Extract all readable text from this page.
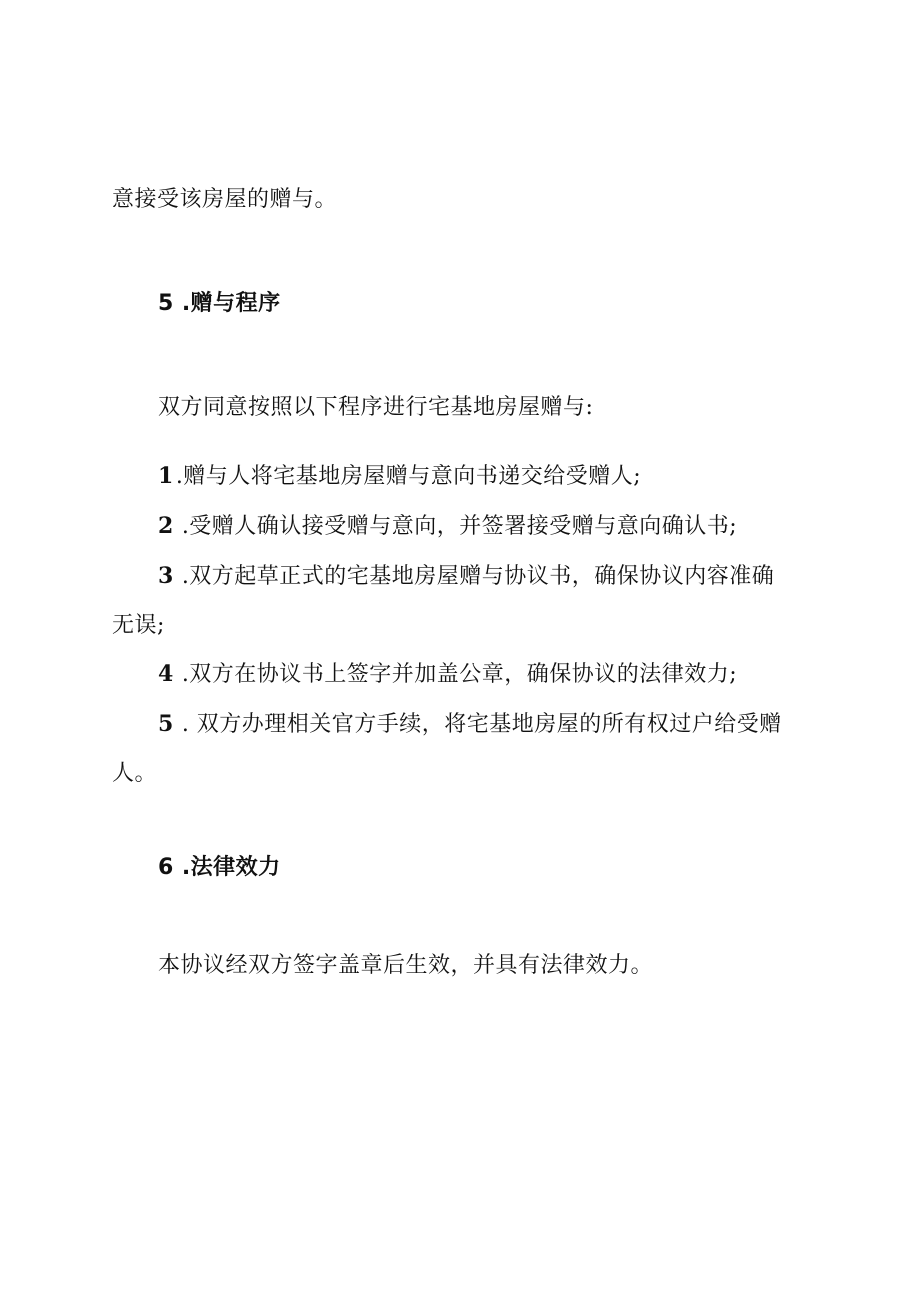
意接受该房屋的赠与。
5 .赠与程序
双方同意按照以下程序进行宅基地房屋赠与:
1.赠与人将宅基地房屋赠与意向书递交给受赠人;
2 .受赠人确认接受赠与意向，并签署接受赠与意向确认书;
3 .双方起草正式的宅基地房屋赠与协议书，确保协议内容准确
无误;
4 .双方在协议书上签字并加盖公章，确保协议的法律效力;
5 . 双方办理相关官方手续，将宅基地房屋的所有权过户给受赠
人。
6 .法律效力
本协议经双方签字盖章后生效，并具有法律效力。
